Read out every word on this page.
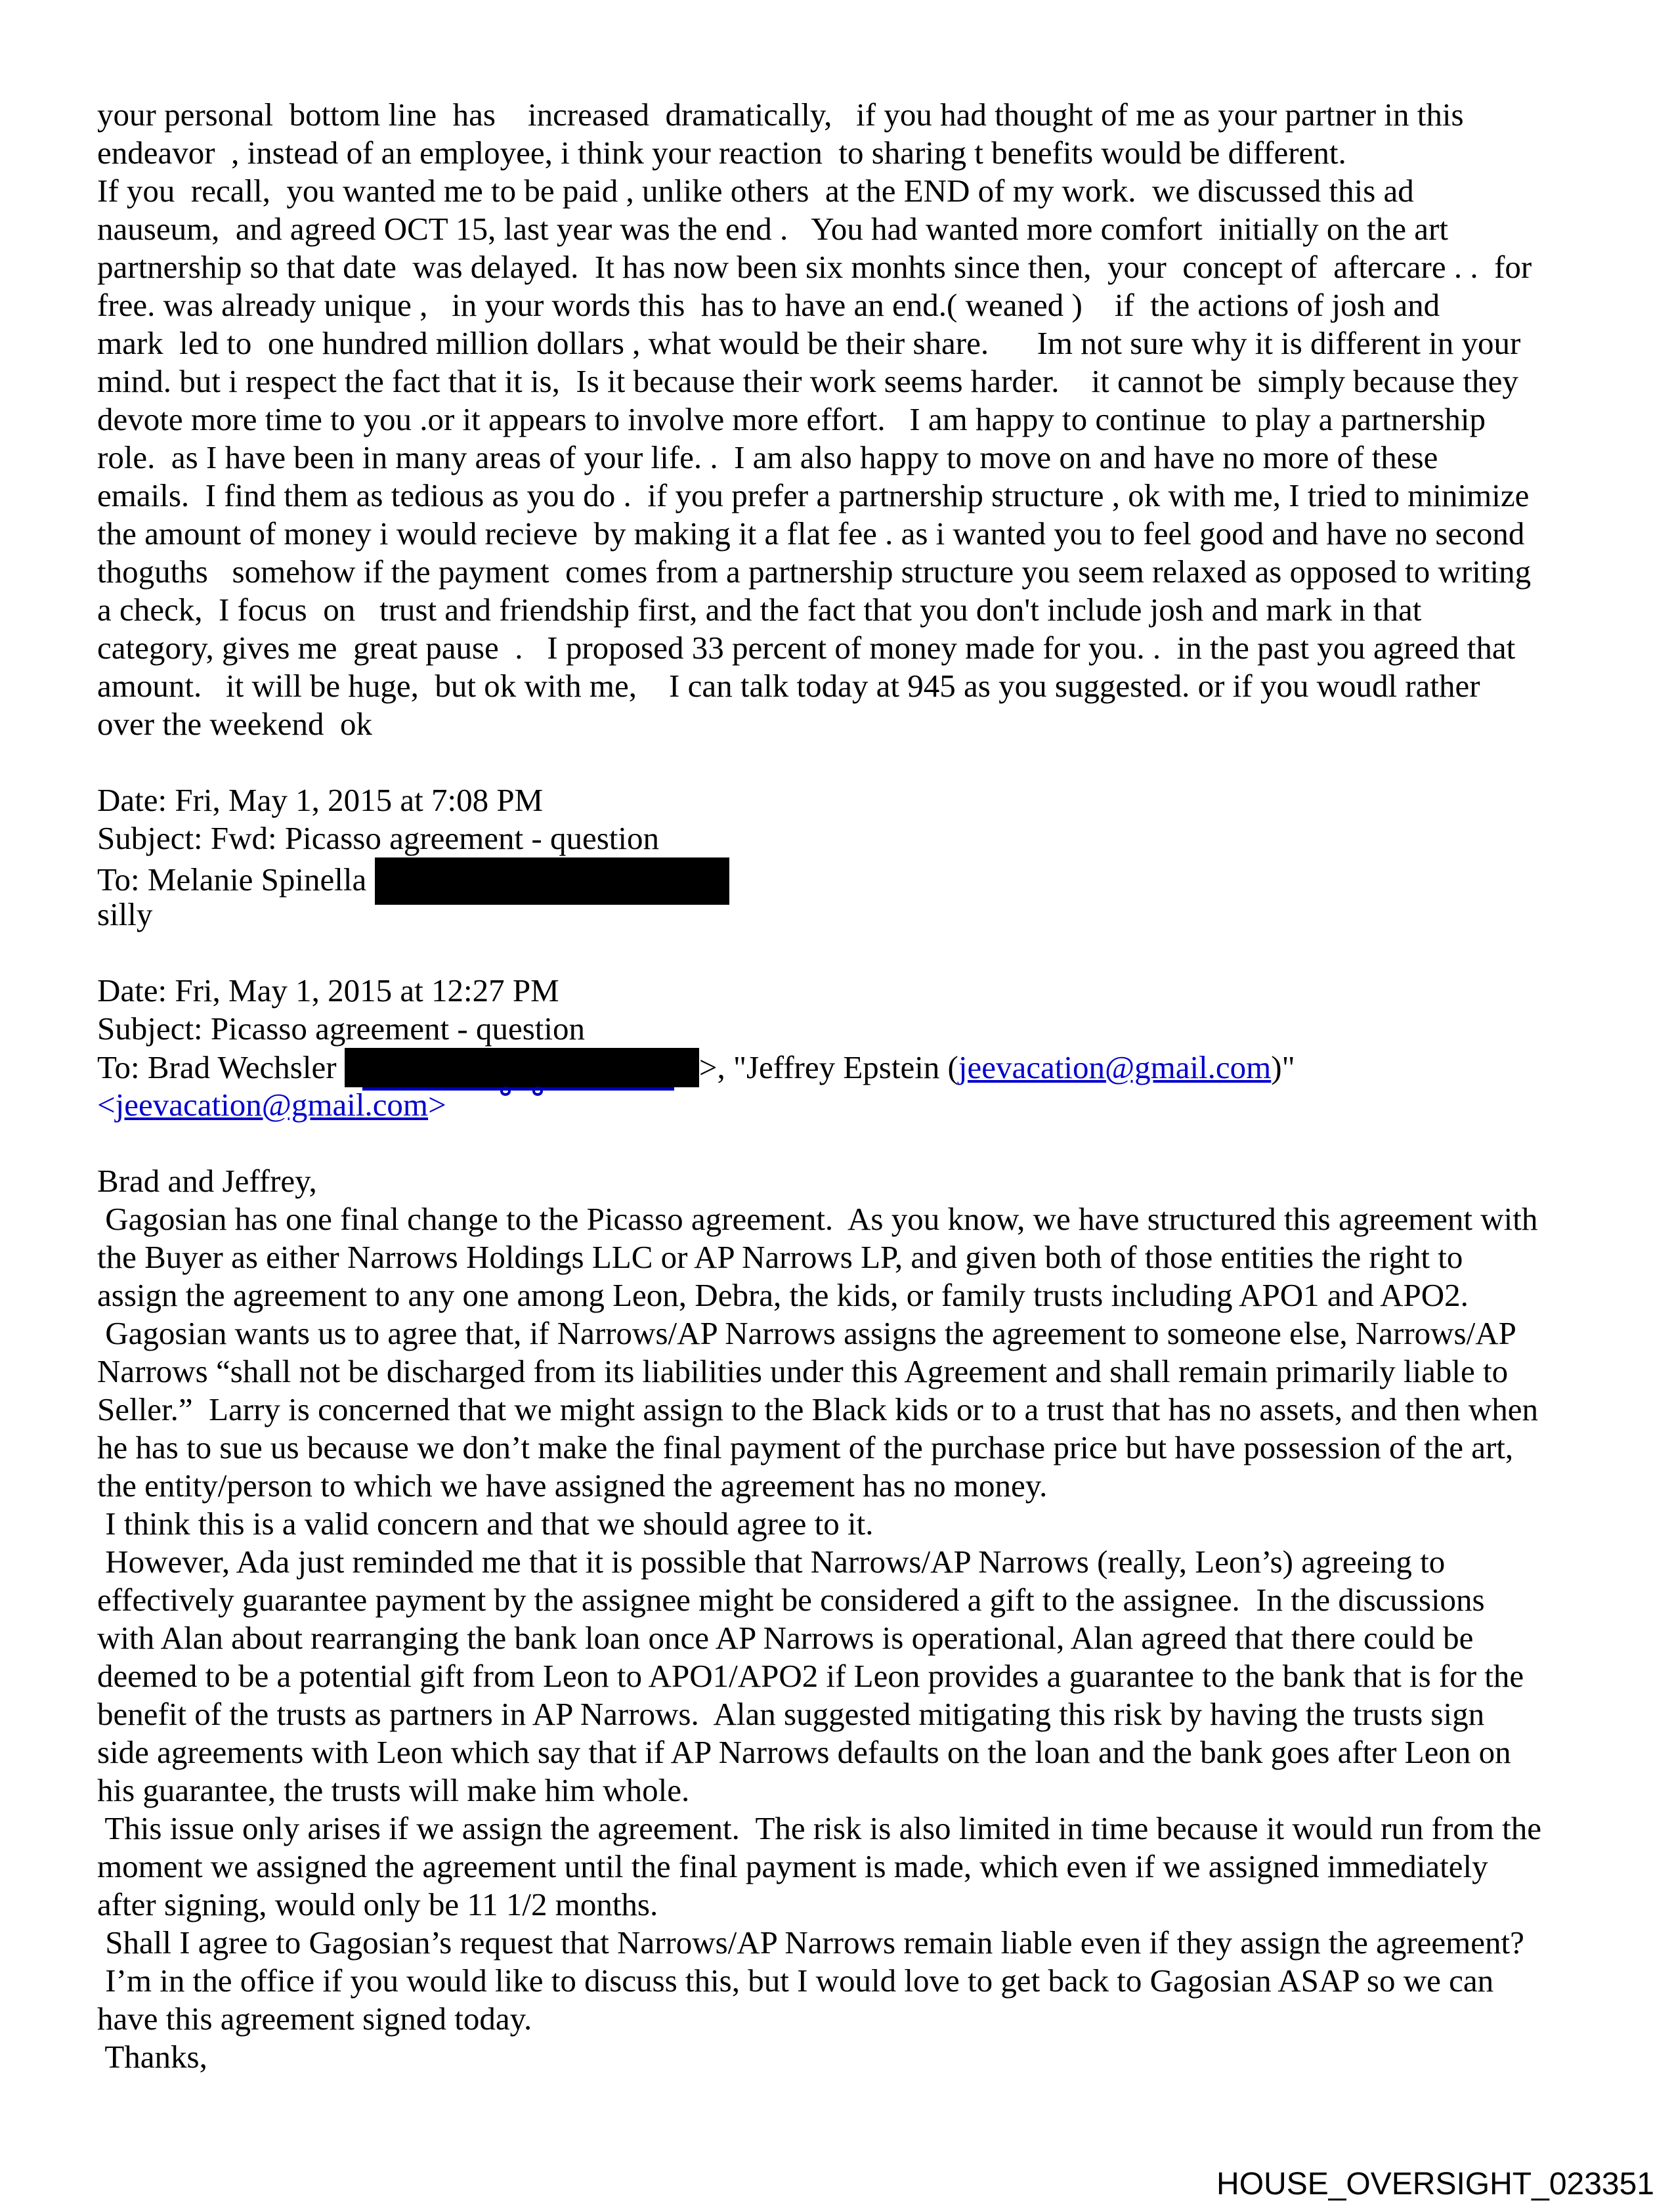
your personal  bottom line  has    increased  dramatically,   if you had thought of me as your partner in this
endeavor  , instead of an employee, i think your reaction  to sharing t benefits would be different.
If you  recall,  you wanted me to be paid , unlike others  at the END of my work.  we discussed this ad
nauseum,  and agreed OCT 15, last year was the end .   You had wanted more comfort  initially on the art
partnership so that date  was delayed.  It has now been six monhts since then,  your  concept of  aftercare . .  for
free. was already unique ,   in your words this  has to have an end.( weaned )    if  the actions of josh and
mark  led to  one hundred million dollars , what would be their share.      Im not sure why it is different in your
mind. but i respect the fact that it is,  Is it because their work seems harder.    it cannot be  simply because they
devote more time to you .or it appears to involve more effort.   I am happy to continue  to play a partnership
role.  as I have been in many areas of your life. .  I am also happy to move on and have no more of these
emails.  I find them as tedious as you do .  if you prefer a partnership structure , ok with me, I tried to minimize
the amount of money i would recieve  by making it a flat fee . as i wanted you to feel good and have no second
thoguths   somehow if the payment  comes from a partnership structure you seem relaxed as opposed to writing
a check,  I focus  on   trust and friendship first, and the fact that you don't include josh and mark in that
category, gives me  great pause  .   I proposed 33 percent of money made for you. .  in the past you agreed that
amount.   it will be huge,  but ok with me,    I can talk today at 945 as you suggested. or if you woudl rather
over the weekend  ok
Date: Fri, May 1, 2015 at 7:08 PM
Subject: Fwd: Picasso agreement - question
To: Melanie Spinella
silly
Date: Fri, May 1, 2015 at 12:27 PM
Subject: Picasso agreement - question
To: Brad Wechsler	>, "Jeffrey Epstein (jeevacation@gmail.com)"
<jeevacation@gmail.com>
Brad and Jeffrey,
Gagosian has one final change to the Picasso agreement.  As you know, we have structured this agreement with
the Buyer as either Narrows Holdings LLC or AP Narrows LP, and given both of those entities the right to
assign the agreement to any one among Leon, Debra, the kids, or family trusts including APO1 and APO2.
Gagosian wants us to agree that, if Narrows/AP Narrows assigns the agreement to someone else, Narrows/AP
Narrows “shall not be discharged from its liabilities under this Agreement and shall remain primarily liable to
Seller.”  Larry is concerned that we might assign to the Black kids or to a trust that has no assets, and then when
he has to sue us because we don’t make the final payment of the purchase price but have possession of the art,
the entity/person to which we have assigned the agreement has no money.
I think this is a valid concern and that we should agree to it.
However, Ada just reminded me that it is possible that Narrows/AP Narrows (really, Leon’s) agreeing to
effectively guarantee payment by the assignee might be considered a gift to the assignee.  In the discussions
with Alan about rearranging the bank loan once AP Narrows is operational, Alan agreed that there could be
deemed to be a potential gift from Leon to APO1/APO2 if Leon provides a guarantee to the bank that is for the
benefit of the trusts as partners in AP Narrows.  Alan suggested mitigating this risk by having the trusts sign
side agreements with Leon which say that if AP Narrows defaults on the loan and the bank goes after Leon on
his guarantee, the trusts will make him whole.
This issue only arises if we assign the agreement.  The risk is also limited in time because it would run from the
moment we assigned the agreement until the final payment is made, which even if we assigned immediately
after signing, would only be 11 1/2 months.
Shall I agree to Gagosian’s request that Narrows/AP Narrows remain liable even if they assign the agreement?
I’m in the office if you would like to discuss this, but I would love to get back to Gagosian ASAP so we can
have this agreement signed today.
Thanks,
HOUSE_OVERSIGHT_023351
